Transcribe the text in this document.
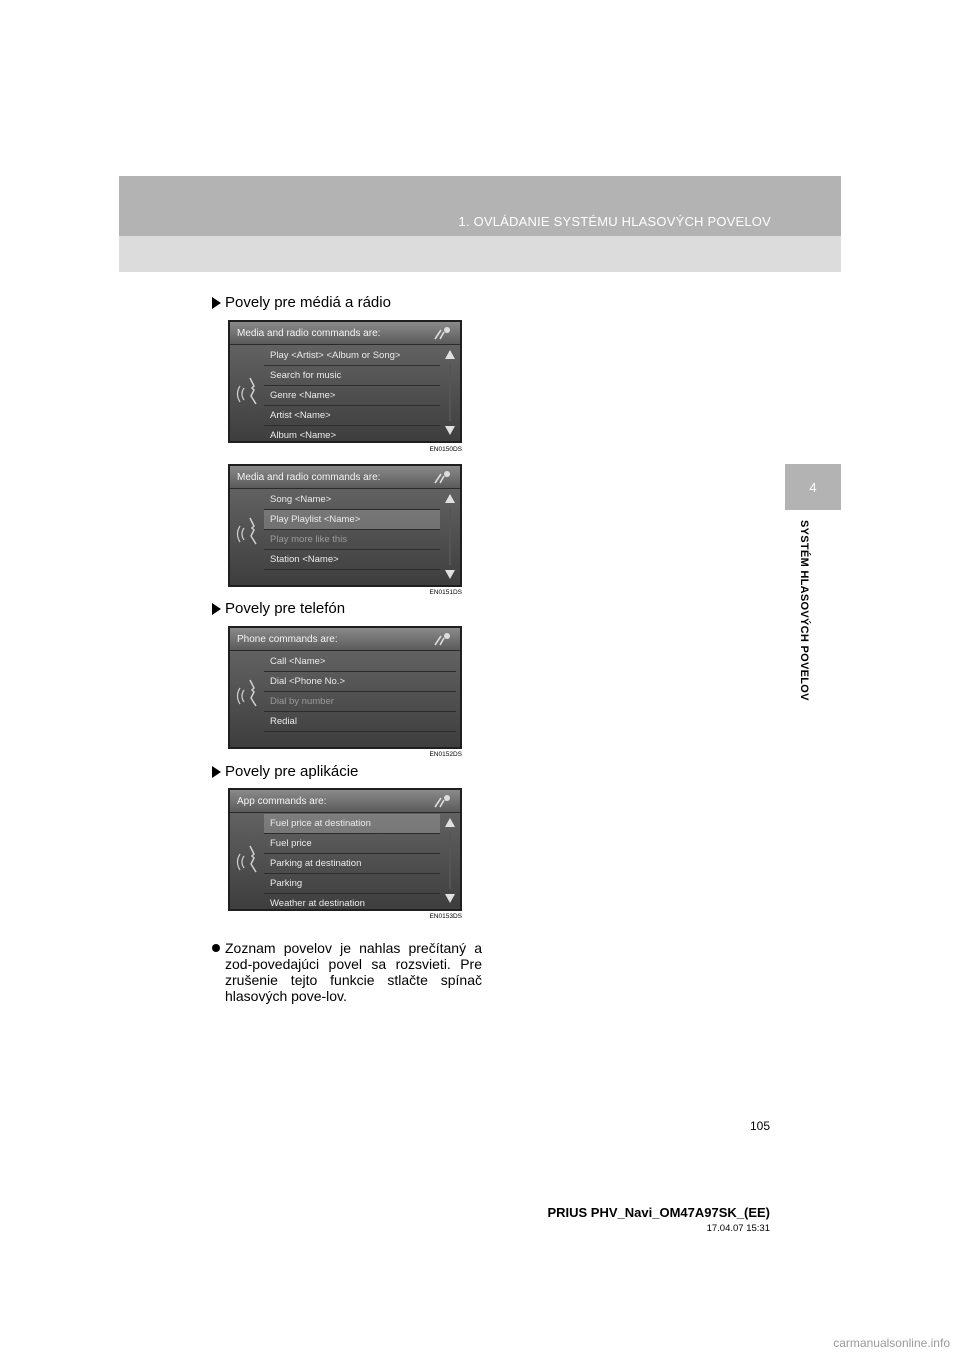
1. OVLÁDANIE SYSTÉMU HLASOVÝCH POVELOV
4
SYSTÉM HLASOVÝCH POVELOV
Povely pre médiá a rádio
Media and radio commands are:
Play <Artist> <Album or Song>
Search for music
Genre <Name>
Artist <Name>
Album <Name>
EN0150DS
Media and radio commands are:
Song <Name>
Play Playlist <Name>
Play more like this
Station <Name>
EN0151DS
Povely pre telefón
Phone commands are:
Call <Name>
Dial <Phone No.>
Dial by number
Redial
EN0152DS
Povely pre aplikácie
App commands are:
Fuel price at destination
Fuel price
Parking at destination
Parking
Weather at destination
EN0153DS
Zoznam povelov je nahlas prečítaný a zod-povedajúci povel sa rozsvieti. Pre zrušenie tejto funkcie stlačte spínač hlasových pove-lov.
105
PRIUS PHV_Navi_OM47A97SK_(EE)
17.04.07 15:31
carmanualsonline.info
